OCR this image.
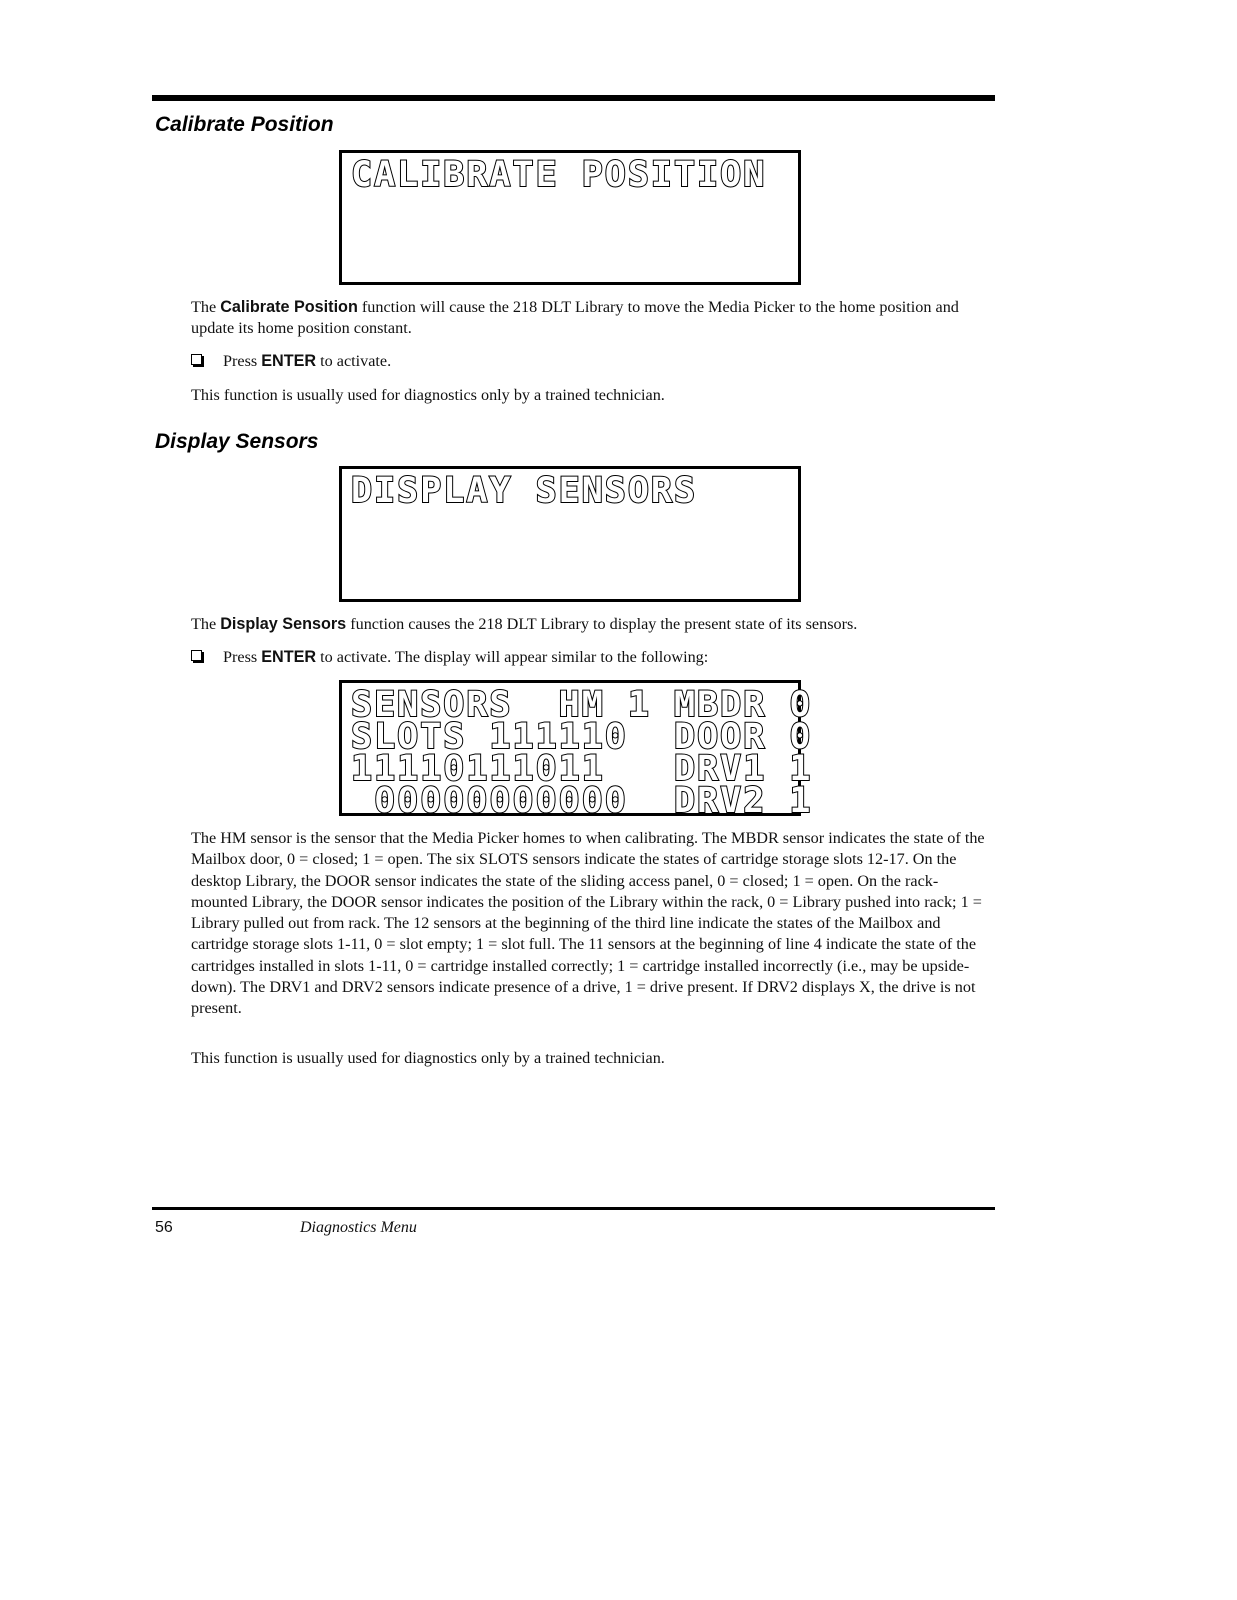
Calibrate Position
CALIBRATE POSITION

The Calibrate Position function will cause the 218 DLT Library to move the Media Picker to the home position and update its home position constant.

Press ENTER to activate.

This function is usually used for diagnostics only by a trained technician.

Display Sensors
DISPLAY SENSORS

The Display Sensors function causes the 218 DLT Library to display the present state of its sensors.

Press ENTER to activate. The display will appear similar to the following:

SENSORS  HM 1 MBDR 0
SLOTS 111110  DOOR 0
11110111011   DRV1 1
00000000000  DRV2 1

The HM sensor is the sensor that the Media Picker homes to when calibrating. The MBDR sensor indicates the state of the Mailbox door, 0 = closed; 1 = open. The six SLOTS sensors indicate the states of cartridge storage slots 12-17. On the desktop Library, the DOOR sensor indicates the state of the sliding access panel, 0 = closed; 1 = open. On the rack-mounted Library, the DOOR sensor indicates the position of the Library within the rack, 0 = Library pushed into rack; 1 = Library pulled out from rack. The 12 sensors at the beginning of the third line indicate the states of the Mailbox and cartridge storage slots 1-11, 0 = slot empty; 1 = slot full. The 11 sensors at the beginning of line 4 indicate the state of the cartridges installed in slots 1-11, 0 = cartridge installed correctly; 1 = cartridge installed incorrectly (i.e., may be upside-down). The DRV1 and DRV2 sensors indicate presence of a drive, 1 = drive present. If DRV2 displays X, the drive is not present.

This function is usually used for diagnostics only by a trained technician.

56	Diagnostics Menu
